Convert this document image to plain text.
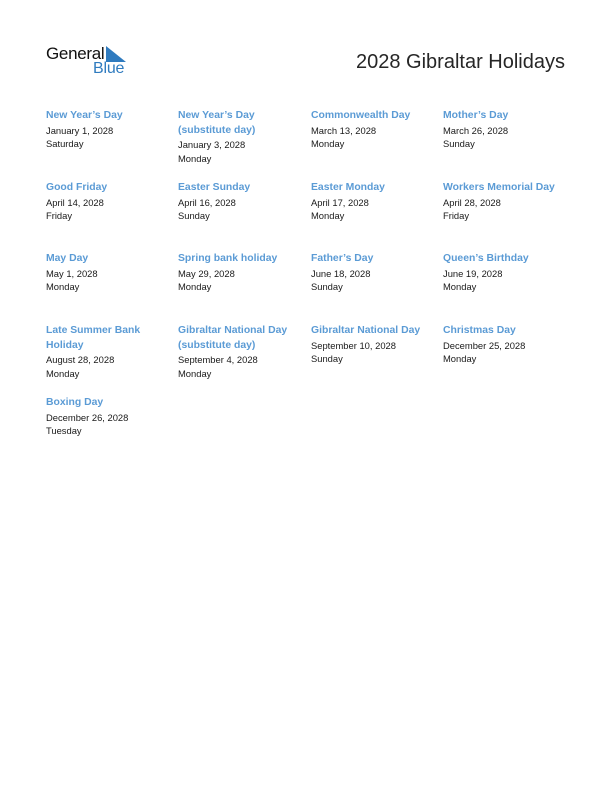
General
Blue	2028 Gibraltar Holidays
New Year’s Day
January 1, 2028
Saturday
New Year’s Day (substitute day)
January 3, 2028
Monday
Commonwealth Day
March 13, 2028
Monday
Mother’s Day
March 26, 2028
Sunday
Good Friday
April 14, 2028
Friday
Easter Sunday
April 16, 2028
Sunday
Easter Monday
April 17, 2028
Monday
Workers Memorial Day
April 28, 2028
Friday
May Day
May 1, 2028
Monday
Spring bank holiday
May 29, 2028
Monday
Father’s Day
June 18, 2028
Sunday
Queen’s Birthday
June 19, 2028
Monday
Late Summer Bank Holiday
August 28, 2028
Monday
Gibraltar National Day (substitute day)
September 4, 2028
Monday
Gibraltar National Day
September 10, 2028
Sunday
Christmas Day
December 25, 2028
Monday
Boxing Day
December 26, 2028
Tuesday
